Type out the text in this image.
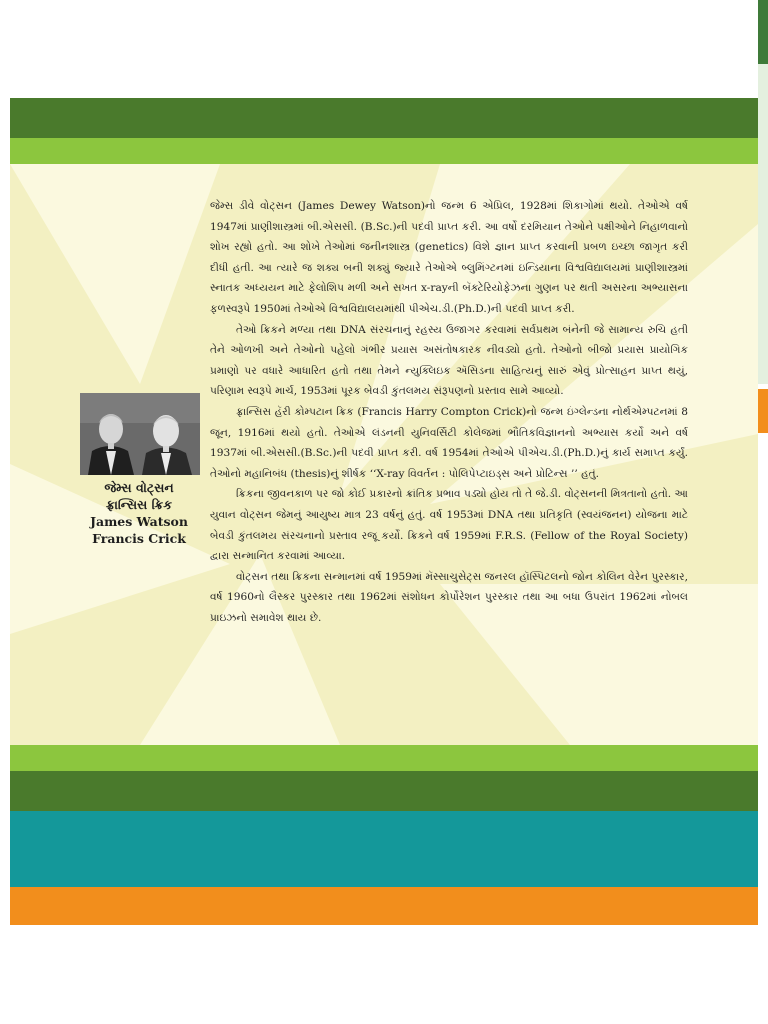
જેમ્સ વોટ્સન
ફ્રાન્સિસ ક્રિક
James Watson
Francis Crick

જેમ્સ ડીવે વોટ્સન (James Dewey Watson)નો જન્મ 6 એપ્રિલ, 1928માં શિકાગોમાં થયો. તેઓએ વર્ષ 1947માં પ્રાણીશાસ્ત્રમાં બી.એસસી. (B.Sc.)ની પદવી પ્રાપ્ત કરી. આ વર્ષો દરમિયાન તેઓને પક્ષીઓને નિહાળવાનો શોખ રહ્યો હતો. આ શોખે તેઓમાં જનીનશાસ્ત્ર (genetics) વિશે જ્ઞાન પ્રાપ્ત કરવાની પ્રબળ ઇચ્છા જાગૃત કરી દીધી હતી. આ ત્યારે જ શક્ય બની શક્યું જ્યારે તેઓએ બ્લુમિંગ્ટનમાં ઇન્ડિયાના વિશ્વવિદ્યાલયમાં પ્રાણીશાસ્ત્રમાં સ્નાતક અધ્યયન માટે ફેલોશિપ મળી અને સખત x-rayની બૅક્ટેરિયોફેઝના ગુણન પર થતી અસરના અભ્યાસના ફળસ્વરૂપે 1950માં તેઓએ વિશ્વવિદ્યાલયમાંથી પીએચ.ડી.(Ph.D.)ની પદવી પ્રાપ્ત કરી.

તેઓ ક્રિકને મળ્યા તથા DNA સંરચનાનું રહસ્ય ઉજાગર કરવામાં સર્વપ્રથમ બંનેની જે સામાન્ય રુચિ હતી તેને ઓળખી અને તેઓનો પહેલો ગંભીર પ્રયાસ અસંતોષકારક નીવડ્યો હતો. તેઓનો બીજો પ્રયાસ પ્રાયોગિક પ્રમાણો પર વધારે આધારિત હતો તથા તેમને ન્યુક્લિઇક ઍસિડના સાહિત્યનું સારું એવું પ્રોત્સાહન પ્રાપ્ત થયું, પરિણામ સ્વરૂપે માર્ચ, 1953માં પૂરક બેવડી કુંતલમય સંરૂપણનો પ્રસ્તાવ સામે આવ્યો.

ફ્રાન્સિસ હૅરી કોમ્પટાન ક્રિક (Francis Harry Compton Crick)નો જન્મ ઇંગ્લેન્ડના નોર્થએમ્પટનમાં 8 જૂન, 1916માં થયો હતો. તેઓએ લંડનની યુનિવર્સિટી કોલેજમાં ભૌતિકવિજ્ઞાનનો અભ્યાસ કર્યો અને વર્ષ 1937માં બી.એસસી.(B.Sc.)ની પદવી પ્રાપ્ત કરી. વર્ષ 1954માં તેઓએ પીએચ.ડી.(Ph.D.)નું કાર્ય સમાપ્ત કર્યું. તેઓનો મહાનિબંધ (thesis)નું શીર્ષક ‘‘X-ray વિવર્તન : પોલિપેપ્ટાઇડ્સ અને પ્રોટિન્સ ’’ હતું.

ક્રિકના જીવનકાળ પર જો કોઈ પ્રકારનો ક્રાંતિક પ્રભાવ પડ્યો હોય તો તે જે.ડી. વોટ્સનની મિત્રતાનો હતો. આ યુવાન વોટ્સન જેમનું આયુષ્ય માત્ર 23 વર્ષનું હતું. વર્ષ 1953માં DNA તથા પ્રતિકૃતિ (સ્વયંજનન) યોજના માટે બેવડી કુંતલમય સંરચનાનો પ્રસ્તાવ રજૂ કર્યો. ક્રિકને વર્ષ 1959માં F.R.S. (Fellow of the Royal Society) દ્વારા સન્માનિત કરવામાં આવ્યા.

વોટ્સન તથા ક્રિકના સન્માનમાં વર્ષ 1959માં મૅસ્સાચુસેટ્સ જનરલ હૉસ્પિટલનો જોન કોલિન વેરેન પુરસ્કાર, વર્ષ 1960નો લૈસ્કર પુરસ્કાર તથા 1962માં સંશોધન કોર્પોરેશન પુરસ્કાર તથા આ બધા ઉપરાંત 1962માં નોબલ પ્રાઇઝનો સમાવેશ થાય છે.
